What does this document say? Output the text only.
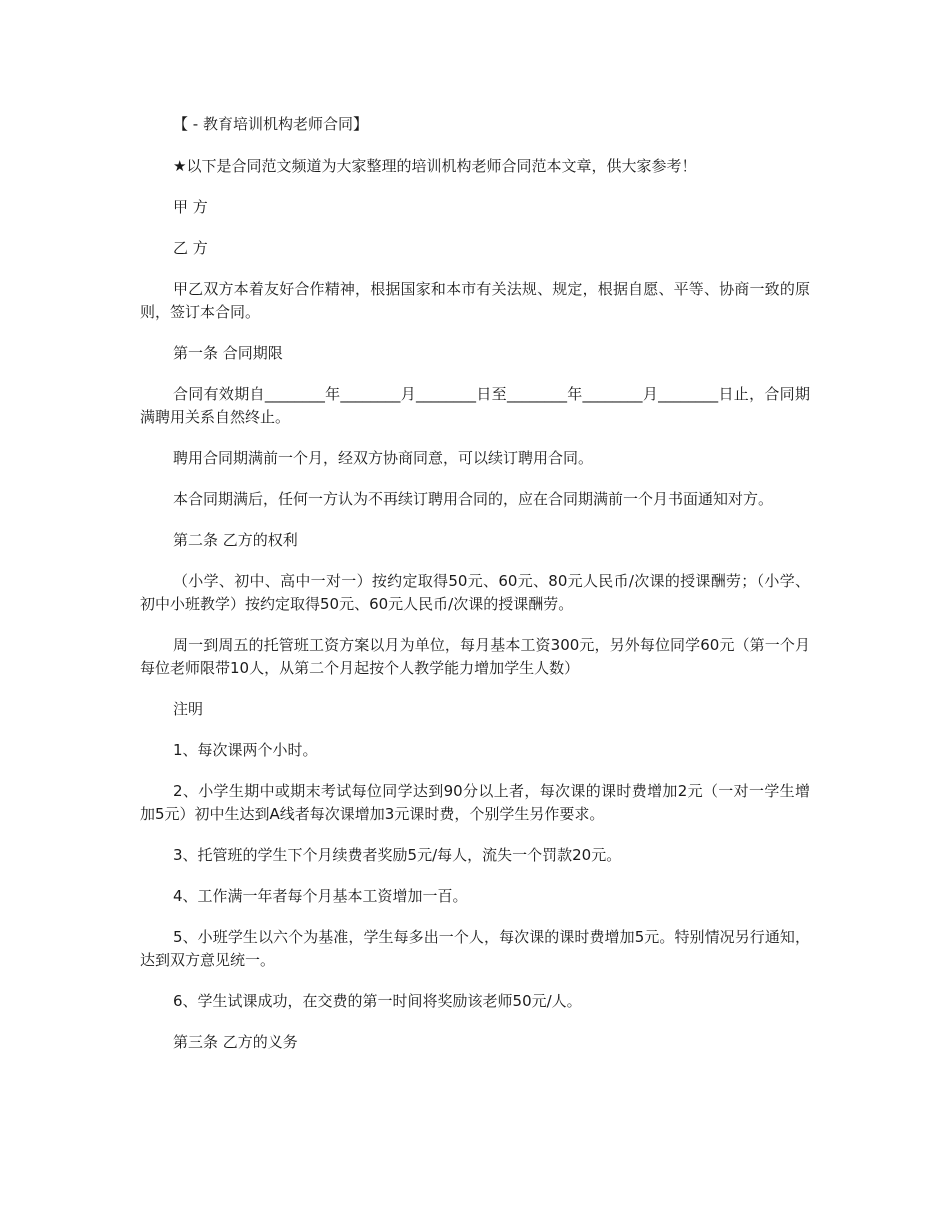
【 - 教育培训机构老师合同】

★以下是合同范文频道为大家整理的培训机构老师合同范本文章，供大家参考！

甲 方

乙 方

甲乙双方本着友好合作精神，根据国家和本市有关法规、规定，根据自愿、平等、协商一致的原则，签订本合同。

第一条 合同期限

合同有效期自________年________月________日至________年________月________日止，合同期满聘用关系自然终止。

聘用合同期满前一个月，经双方协商同意，可以续订聘用合同。

本合同期满后，任何一方认为不再续订聘用合同的，应在合同期满前一个月书面通知对方。

第二条 乙方的权利

（小学、初中、高中一对一）按约定取得50元、60元、80元人民币/次课的授课酬劳；（小学、初中小班教学）按约定取得50元、60元人民币/次课的授课酬劳。

周一到周五的托管班工资方案以月为单位，每月基本工资300元，另外每位同学60元（第一个月每位老师限带10人，从第二个月起按个人教学能力增加学生人数）

注明

1、每次课两个小时。

2、小学生期中或期末考试每位同学达到90分以上者，每次课的课时费增加2元（一对一学生增加5元）初中生达到A线者每次课增加3元课时费，个别学生另作要求。

3、托管班的学生下个月续费者奖励5元/每人，流失一个罚款20元。

4、工作满一年者每个月基本工资增加一百。

5、小班学生以六个为基准，学生每多出一个人，每次课的课时费增加5元。特别情况另行通知，达到双方意见统一。

6、学生试课成功，在交费的第一时间将奖励该老师50元/人。

第三条 乙方的义务
